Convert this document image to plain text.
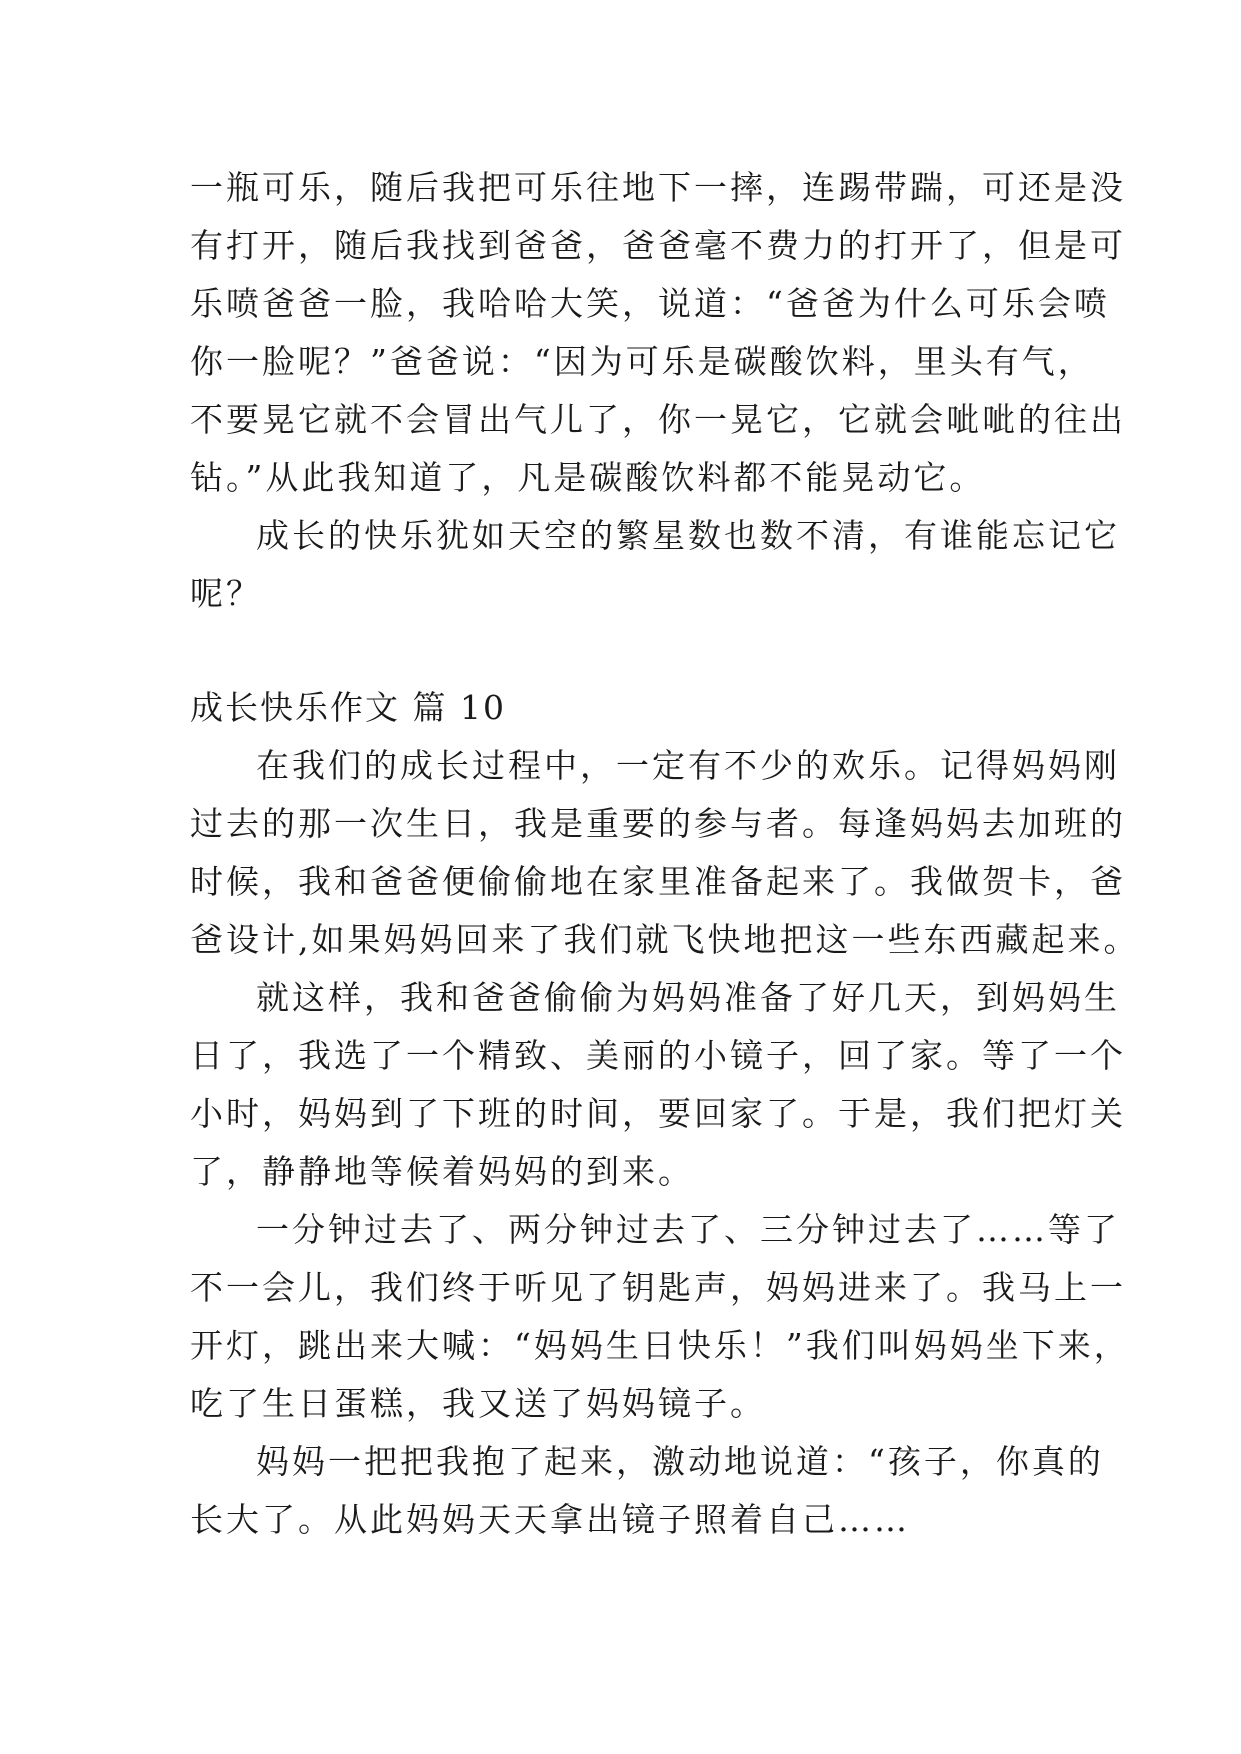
一瓶可乐，随后我把可乐往地下一摔，连踢带踹，可还是没
有打开，随后我找到爸爸，爸爸毫不费力的打开了，但是可
乐喷爸爸一脸，我哈哈大笑，说道：“爸爸为什么可乐会喷
你一脸呢？”爸爸说：“因为可乐是碳酸饮料，里头有气，
不要晃它就不会冒出气儿了，你一晃它，它就会呲呲的往出
钻。”从此我知道了，凡是碳酸饮料都不能晃动它。
成长的快乐犹如天空的繁星数也数不清，有谁能忘记它
呢？
成长快乐作文 篇 10
在我们的成长过程中，一定有不少的欢乐。记得妈妈刚
过去的那一次生日，我是重要的参与者。每逢妈妈去加班的
时候，我和爸爸便偷偷地在家里准备起来了。我做贺卡，爸
爸设计,如果妈妈回来了我们就飞快地把这一些东西藏起来。
就这样，我和爸爸偷偷为妈妈准备了好几天，到妈妈生
日了，我选了一个精致、美丽的小镜子，回了家。等了一个
小时，妈妈到了下班的时间，要回家了。于是，我们把灯关
了，静静地等候着妈妈的到来。
一分钟过去了、两分钟过去了、三分钟过去了……等了
不一会儿，我们终于听见了钥匙声，妈妈进来了。我马上一
开灯，跳出来大喊：“妈妈生日快乐！”我们叫妈妈坐下来，
吃了生日蛋糕，我又送了妈妈镜子。
妈妈一把把我抱了起来，激动地说道：“孩子，你真的
长大了。从此妈妈天天拿出镜子照着自己……
